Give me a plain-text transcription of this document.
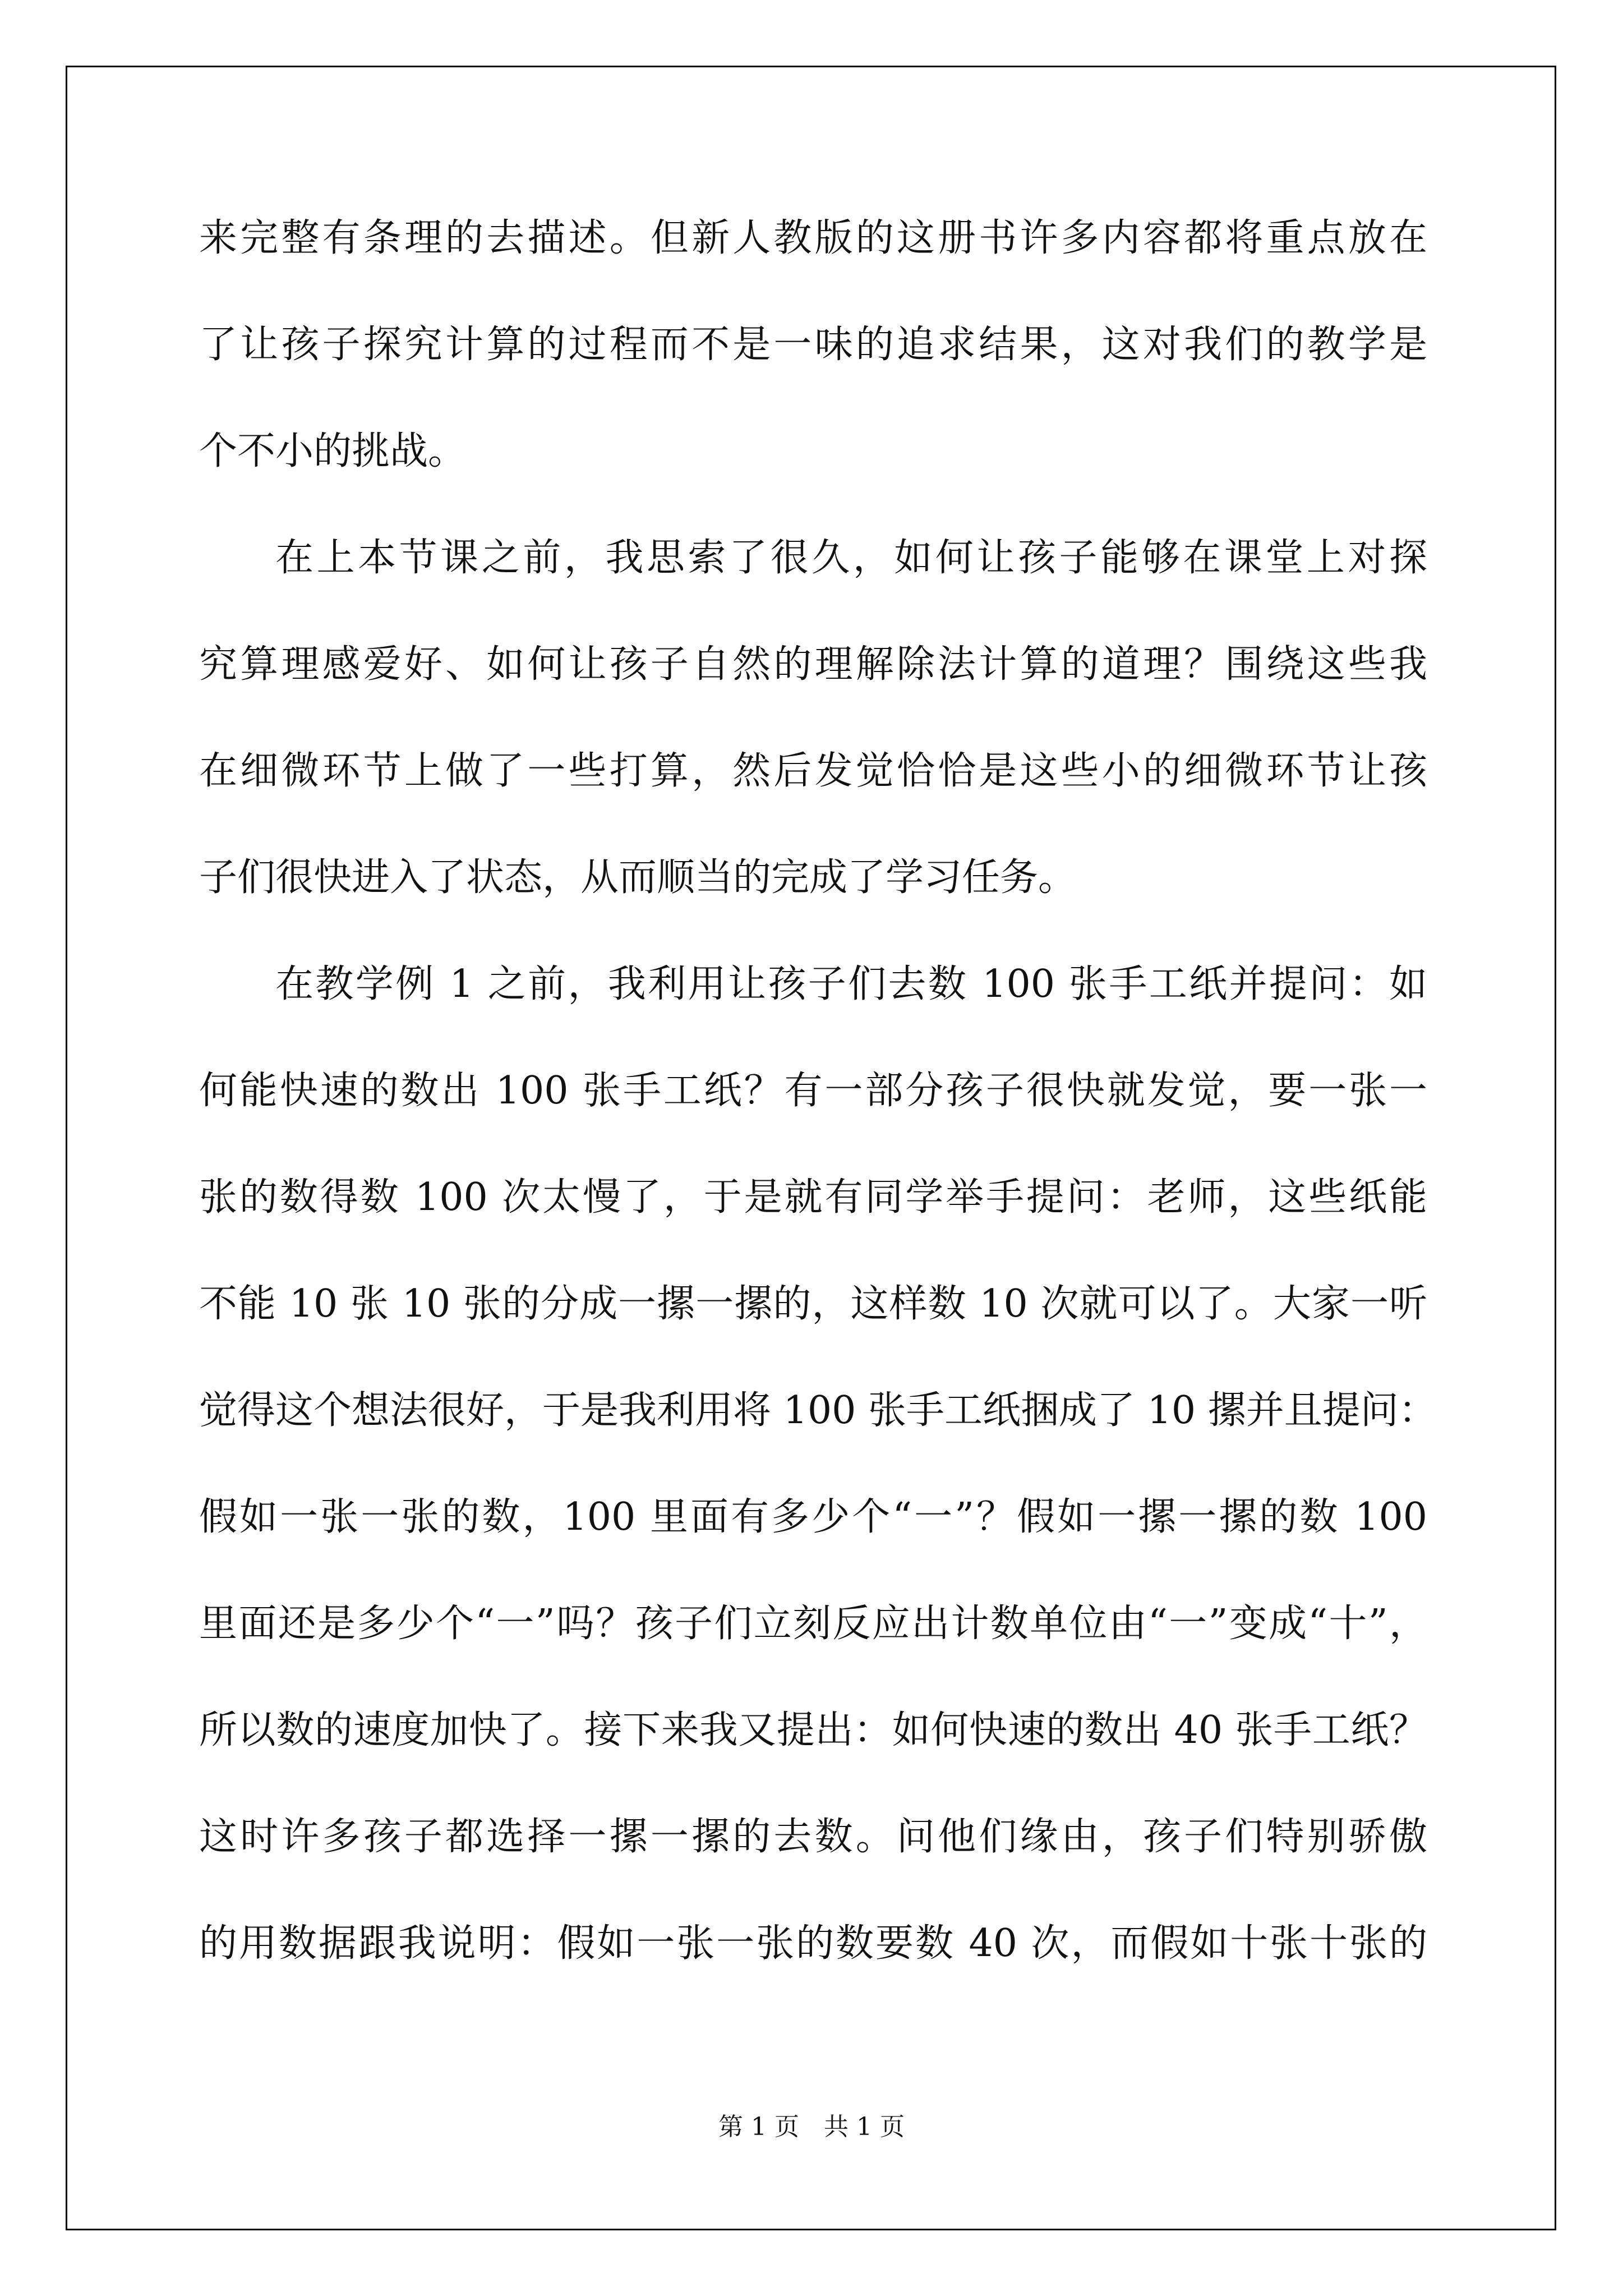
来完整有条理的去描述。但新人教版的这册书许多内容都将重点放在
了让孩子探究计算的过程而不是一味的追求结果，这对我们的教学是
个不小的挑战。
在上本节课之前，我思索了很久，如何让孩子能够在课堂上对探
究算理感爱好、如何让孩子自然的理解除法计算的道理？围绕这些我
在细微环节上做了一些打算，然后发觉恰恰是这些小的细微环节让孩
子们很快进入了状态，从而顺当的完成了学习任务。
在教学例 1 之前，我利用让孩子们去数 100 张手工纸并提问：如
何能快速的数出 100 张手工纸？有一部分孩子很快就发觉，要一张一
张的数得数 100 次太慢了，于是就有同学举手提问：老师，这些纸能
不能 10 张 10 张的分成一摞一摞的，这样数 10 次就可以了。大家一听
觉得这个想法很好，于是我利用将 100 张手工纸捆成了 10 摞并且提问：
假如一张一张的数，100 里面有多少个“一”？假如一摞一摞的数 100
里面还是多少个“一”吗？孩子们立刻反应出计数单位由“一”变成“十”，
所以数的速度加快了。接下来我又提出：如何快速的数出 40 张手工纸？
这时许多孩子都选择一摞一摞的去数。问他们缘由，孩子们特别骄傲
的用数据跟我说明：假如一张一张的数要数 40 次，而假如十张十张的
第 1 页　共 1 页
